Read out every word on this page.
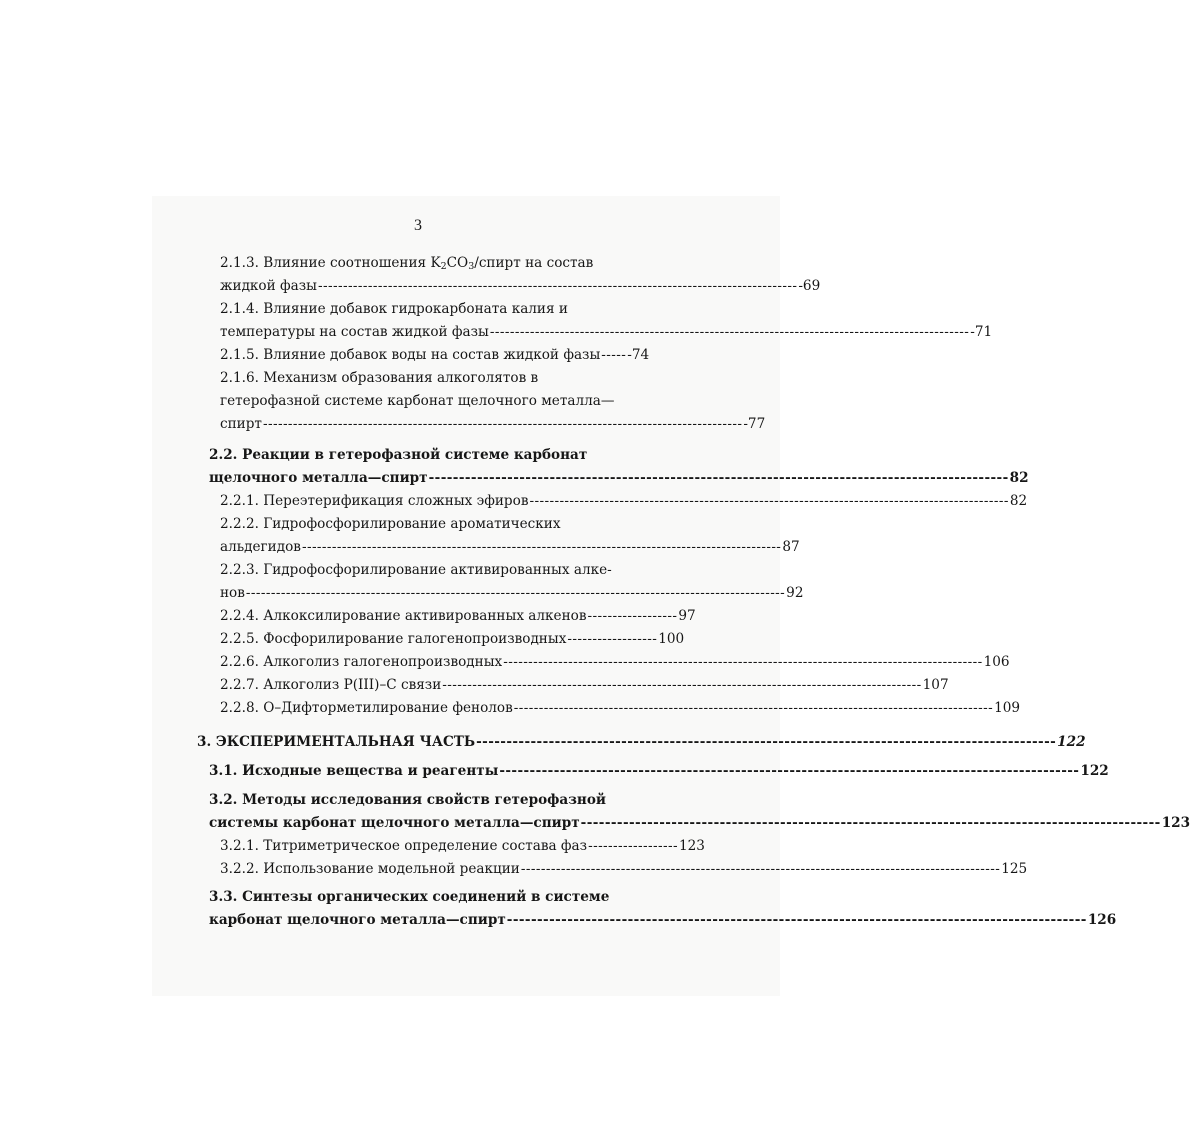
3
2.1.3. Влияние соотношения K2CO3/спирт на состав
жидкой фазы ------------------------------------------------------------------------------------------------ -69
2.1.4. Влияние добавок гидрокарбоната калия и
температуры на состав жидкой фазы ------------------------------------------------------------------------------------------------ -71
2.1.5. Влияние добавок воды на состав жидкой фазы ----- -74
2.1.6. Механизм образования алкоголятов в
гетерофазной системе карбонат щелочного металла—
спирт ------------------------------------------------------------------------------------------------ -77
2.2. Реакции в гетерофазной системе карбонат
щелочного металла—спирт ------------------------------------------------------------------------------------------------ 82
2.2.1. Переэтерификация сложных эфиров ------------------------------------------------------------------------------------------------ 82
2.2.2. Гидрофосфорилирование ароматических
альдегидов ------------------------------------------------------------------------------------------------ 87
2.2.3. Гидрофосфорилирование активированных алке-
нов ------------------------------------------------------------------------------------------------------------ 92
2.2.4. Алкоксилирование активированных алкенов ------------------ 97
2.2.5. Фосфорилирование галогенопроизводных ------------------ 100
2.2.6. Алкоголиз галогенопроизводных ------------------------------------------------------------------------------------------------ 106
2.2.7. Алкоголиз P(III)–C связи ------------------------------------------------------------------------------------------------ 107
2.2.8. O–Дифторметилирование фенолов ------------------------------------------------------------------------------------------------ 109
3. ЭКСПЕРИМЕНТАЛЬНАЯ ЧАСТЬ ------------------------------------------------------------------------------------------------ 122
3.1. Исходные вещества и реагенты ------------------------------------------------------------------------------------------------ 122
3.2. Методы исследования свойств гетерофазной
системы карбонат щелочного металла—спирт ------------------------------------------------------------------------------------------------ 123
3.2.1. Титриметрическое определение состава фаз ------------------ 123
3.2.2. Использование модельной реакции ------------------------------------------------------------------------------------------------ 125
3.3. Синтезы органических соединений в системе
карбонат щелочного металла—спирт ------------------------------------------------------------------------------------------------ 126
